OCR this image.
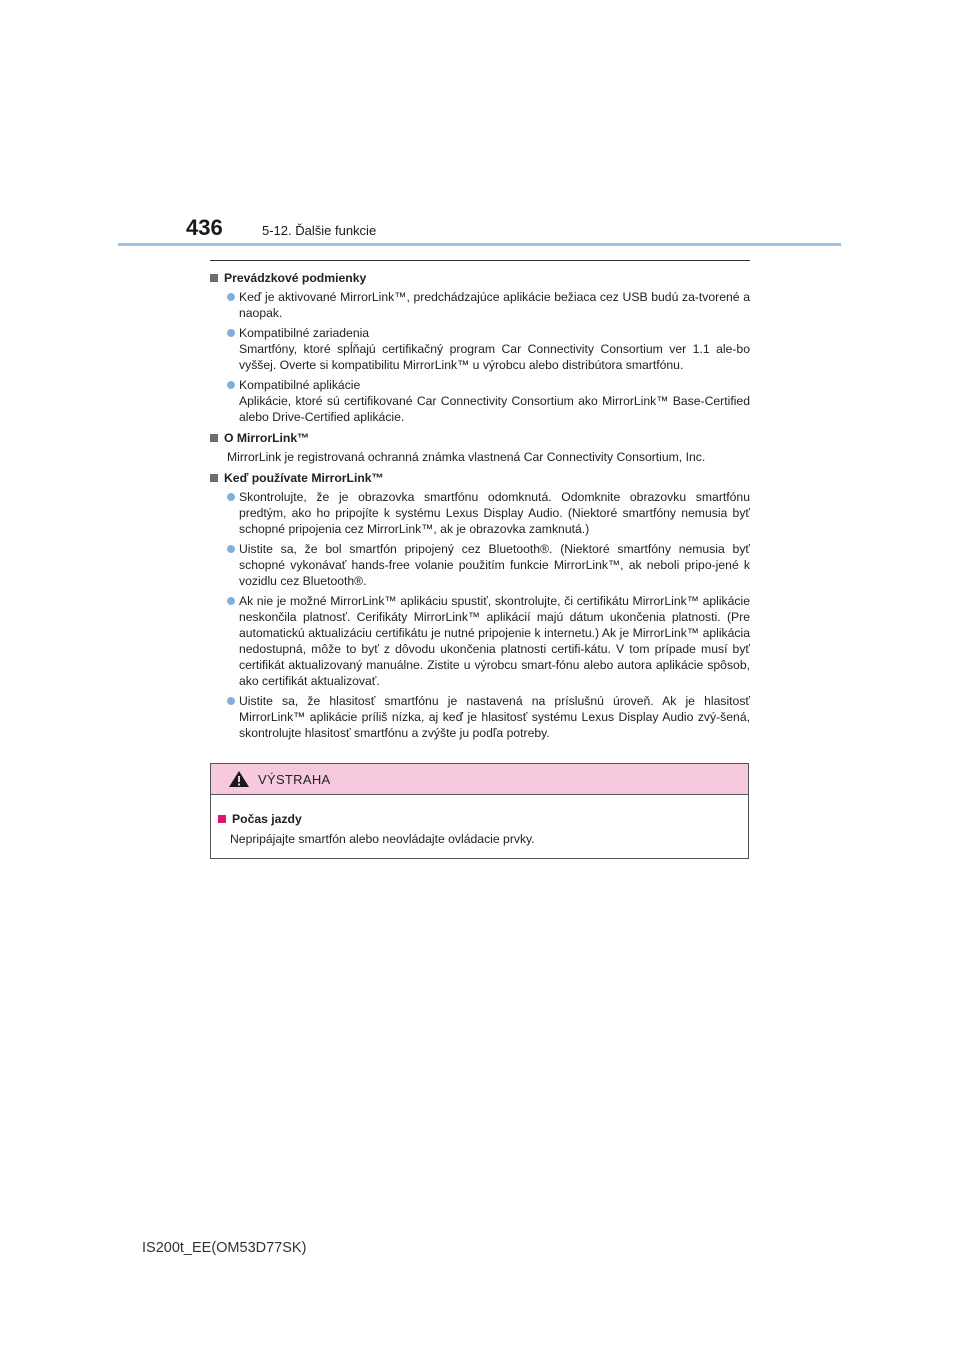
436	5-12. Ďalšie funkcie
Prevádzkové podmienky

Keď je aktivované MirrorLink™, predchádzajúce aplikácie bežiaca cez USB budú za-tvorené a naopak.

Kompatibilné zariadenia

Smartfóny, ktoré spĺňajú certifikačný program Car Connectivity Consortium ver 1.1 ale-bo vyššej. Overte si kompatibilitu MirrorLink™ u výrobcu alebo distribútora smartfónu.

Kompatibilné aplikácie

Aplikácie, ktoré sú certifikované Car Connectivity Consortium ako MirrorLink™ Base-Certified alebo Drive-Certified aplikácie.

O MirrorLink™
MirrorLink je registrovaná ochranná známka vlastnená Car Connectivity Consortium, Inc.
Keď používate MirrorLink™

Skontrolujte, že je obrazovka smartfónu odomknutá. Odomknite obrazovku smartfónu predtým, ako ho pripojíte k systému Lexus Display Audio. (Niektoré smartfóny nemusia byť schopné pripojenia cez MirrorLink™, ak je obrazovka zamknutá.)

Uistite sa, že bol smartfón pripojený cez Bluetooth®. (Niektoré smartfóny nemusia byť schopné vykonávať hands-free volanie použitím funkcie MirrorLink™, ak neboli pripo-jené k vozidlu cez Bluetooth®.

Ak nie je možné MirrorLink™ aplikáciu spustiť, skontrolujte, či certifikátu MirrorLink™ aplikácie neskončila platnosť. Cerifikáty MirrorLink™ aplikácií majú dátum ukončenia platnosti. (Pre automatickú aktualizáciu certifikátu je nutné pripojenie k internetu.) Ak je MirrorLink™ aplikácia nedostupná, môže to byť z dôvodu ukončenia platnosti certifi-kátu. V tom prípade musí byť certifikát aktualizovaný manuálne. Zistite u výrobcu smart-fónu alebo autora aplikácie spôsob, ako certifikát aktualizovať.

Uistite sa, že hlasitosť smartfónu je nastavená na príslušnú úroveň. Ak je hlasitosť MirrorLink™ aplikácie príliš nízka, aj keď je hlasitosť systému Lexus Display Audio zvý-šená, skontrolujte hlasitosť smartfónu a zvýšte ju podľa potreby.

VÝSTRAHA
Počas jazdy
Nepripájajte smartfón alebo neovládajte ovládacie prvky.
IS200t_EE(OM53D77SK)
